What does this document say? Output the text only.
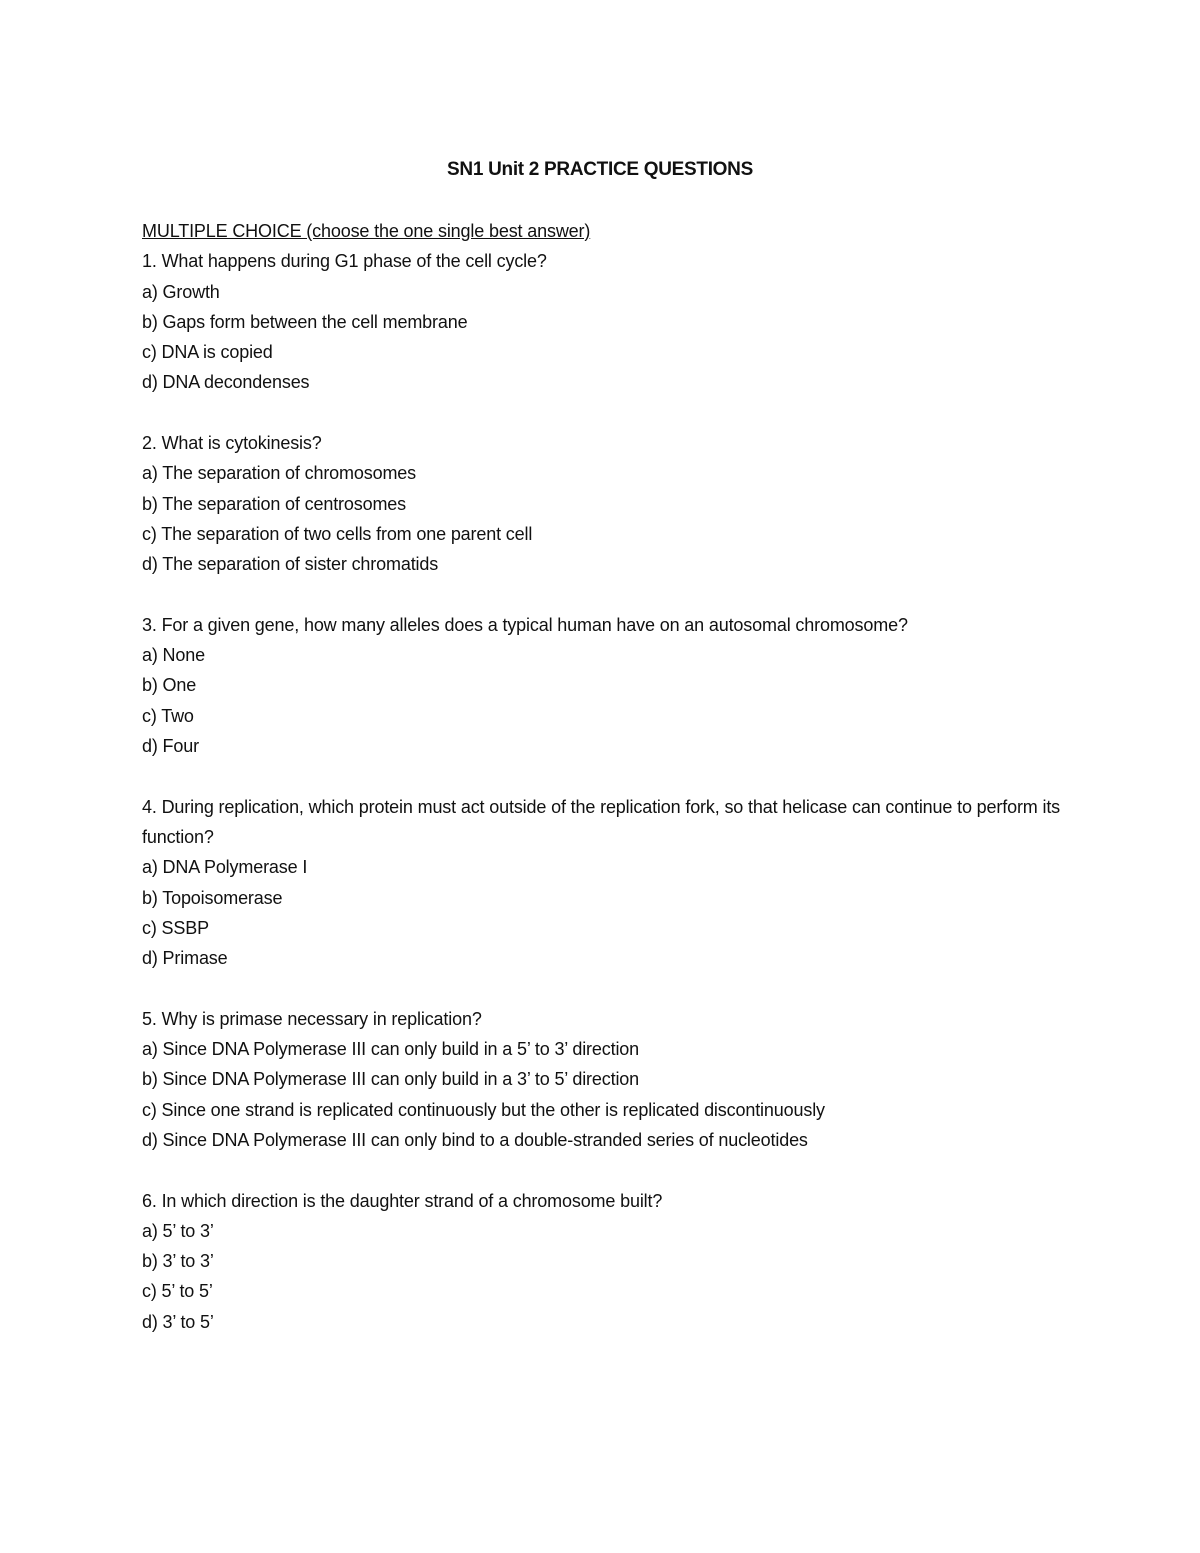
SN1 Unit 2 PRACTICE QUESTIONS

MULTIPLE CHOICE (choose the one single best answer)

1. What happens during G1 phase of the cell cycle?

a) Growth

b) Gaps form between the cell membrane

c) DNA is copied

d) DNA decondenses

2. What is cytokinesis?

a) The separation of chromosomes

b) The separation of centrosomes

c) The separation of two cells from one parent cell

d) The separation of sister chromatids

3. For a given gene, how many alleles does a typical human have on an autosomal chromosome?

a) None

b) One

c) Two

d) Four

4. During replication, which protein must act outside of the replication fork, so that helicase can continue to perform its function?

a) DNA Polymerase I

b) Topoisomerase

c) SSBP

d) Primase

5. Why is primase necessary in replication?

a) Since DNA Polymerase III can only build in a 5’ to 3’ direction

b) Since DNA Polymerase III can only build in a 3’ to 5’ direction

c) Since one strand is replicated continuously but the other is replicated discontinuously

d) Since DNA Polymerase III can only bind to a double-stranded series of nucleotides

6. In which direction is the daughter strand of a chromosome built?

a) 5’ to 3’

b) 3’ to 3’

c) 5’ to 5’

d) 3’ to 5’
